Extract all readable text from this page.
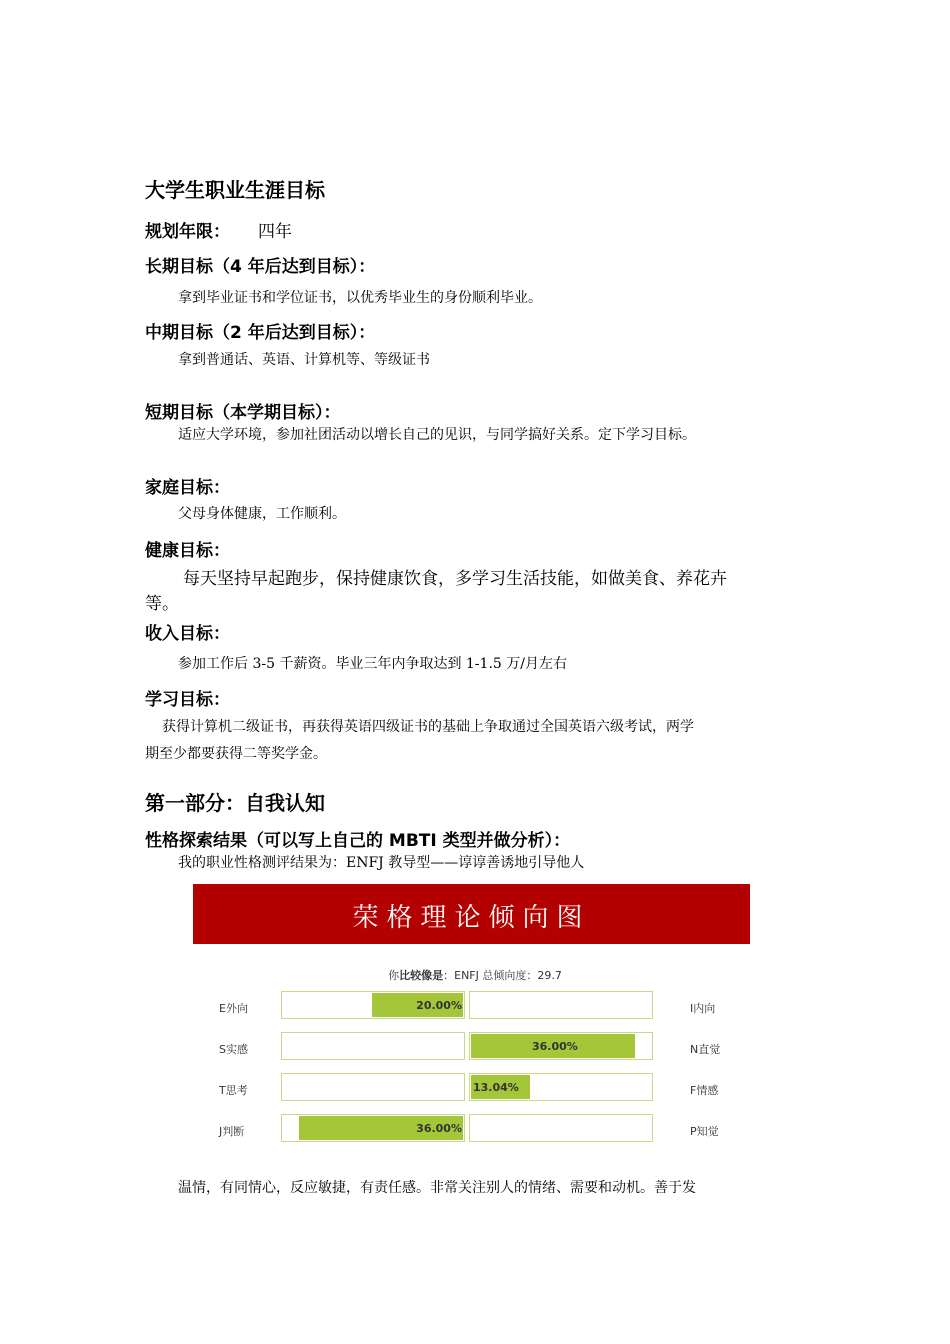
大学生职业生涯目标
规划年限： 四年
长期目标（4 年后达到目标）：
拿到毕业证书和学位证书，以优秀毕业生的身份顺利毕业。
中期目标（2 年后达到目标）：
拿到普通话、英语、计算机等、等级证书
短期目标（本学期目标）：
适应大学环境，参加社团活动以增长自己的见识，与同学搞好关系。定下学习目标。
家庭目标：
父母身体健康，工作顺利。
健康目标：
每天坚持早起跑步，保持健康饮食，多学习生活技能，如做美食、养花卉
等。
收入目标：
参加工作后 3-5 千薪资。毕业三年内争取达到 1-1.5 万/月左右
学习目标：
获得计算机二级证书，再获得英语四级证书的基础上争取通过全国英语六级考试，两学
期至少都要获得二等奖学金。
第一部分：自我认知
性格探索结果（可以写上自己的 MBTI 类型并做分析）：
我的职业性格测评结果为：ENFJ 教导型——谆谆善诱地引导他人
荣格理论倾向图
你比较像是：ENFJ 总倾向度：29.7
E外向	I内向
20.00%
S实感	N直觉
36.00%
T思考	F情感
13.04%
J判断	P知觉
36.00%
温情，有同情心，反应敏捷，有责任感。非常关注别人的情绪、需要和动机。善于发
